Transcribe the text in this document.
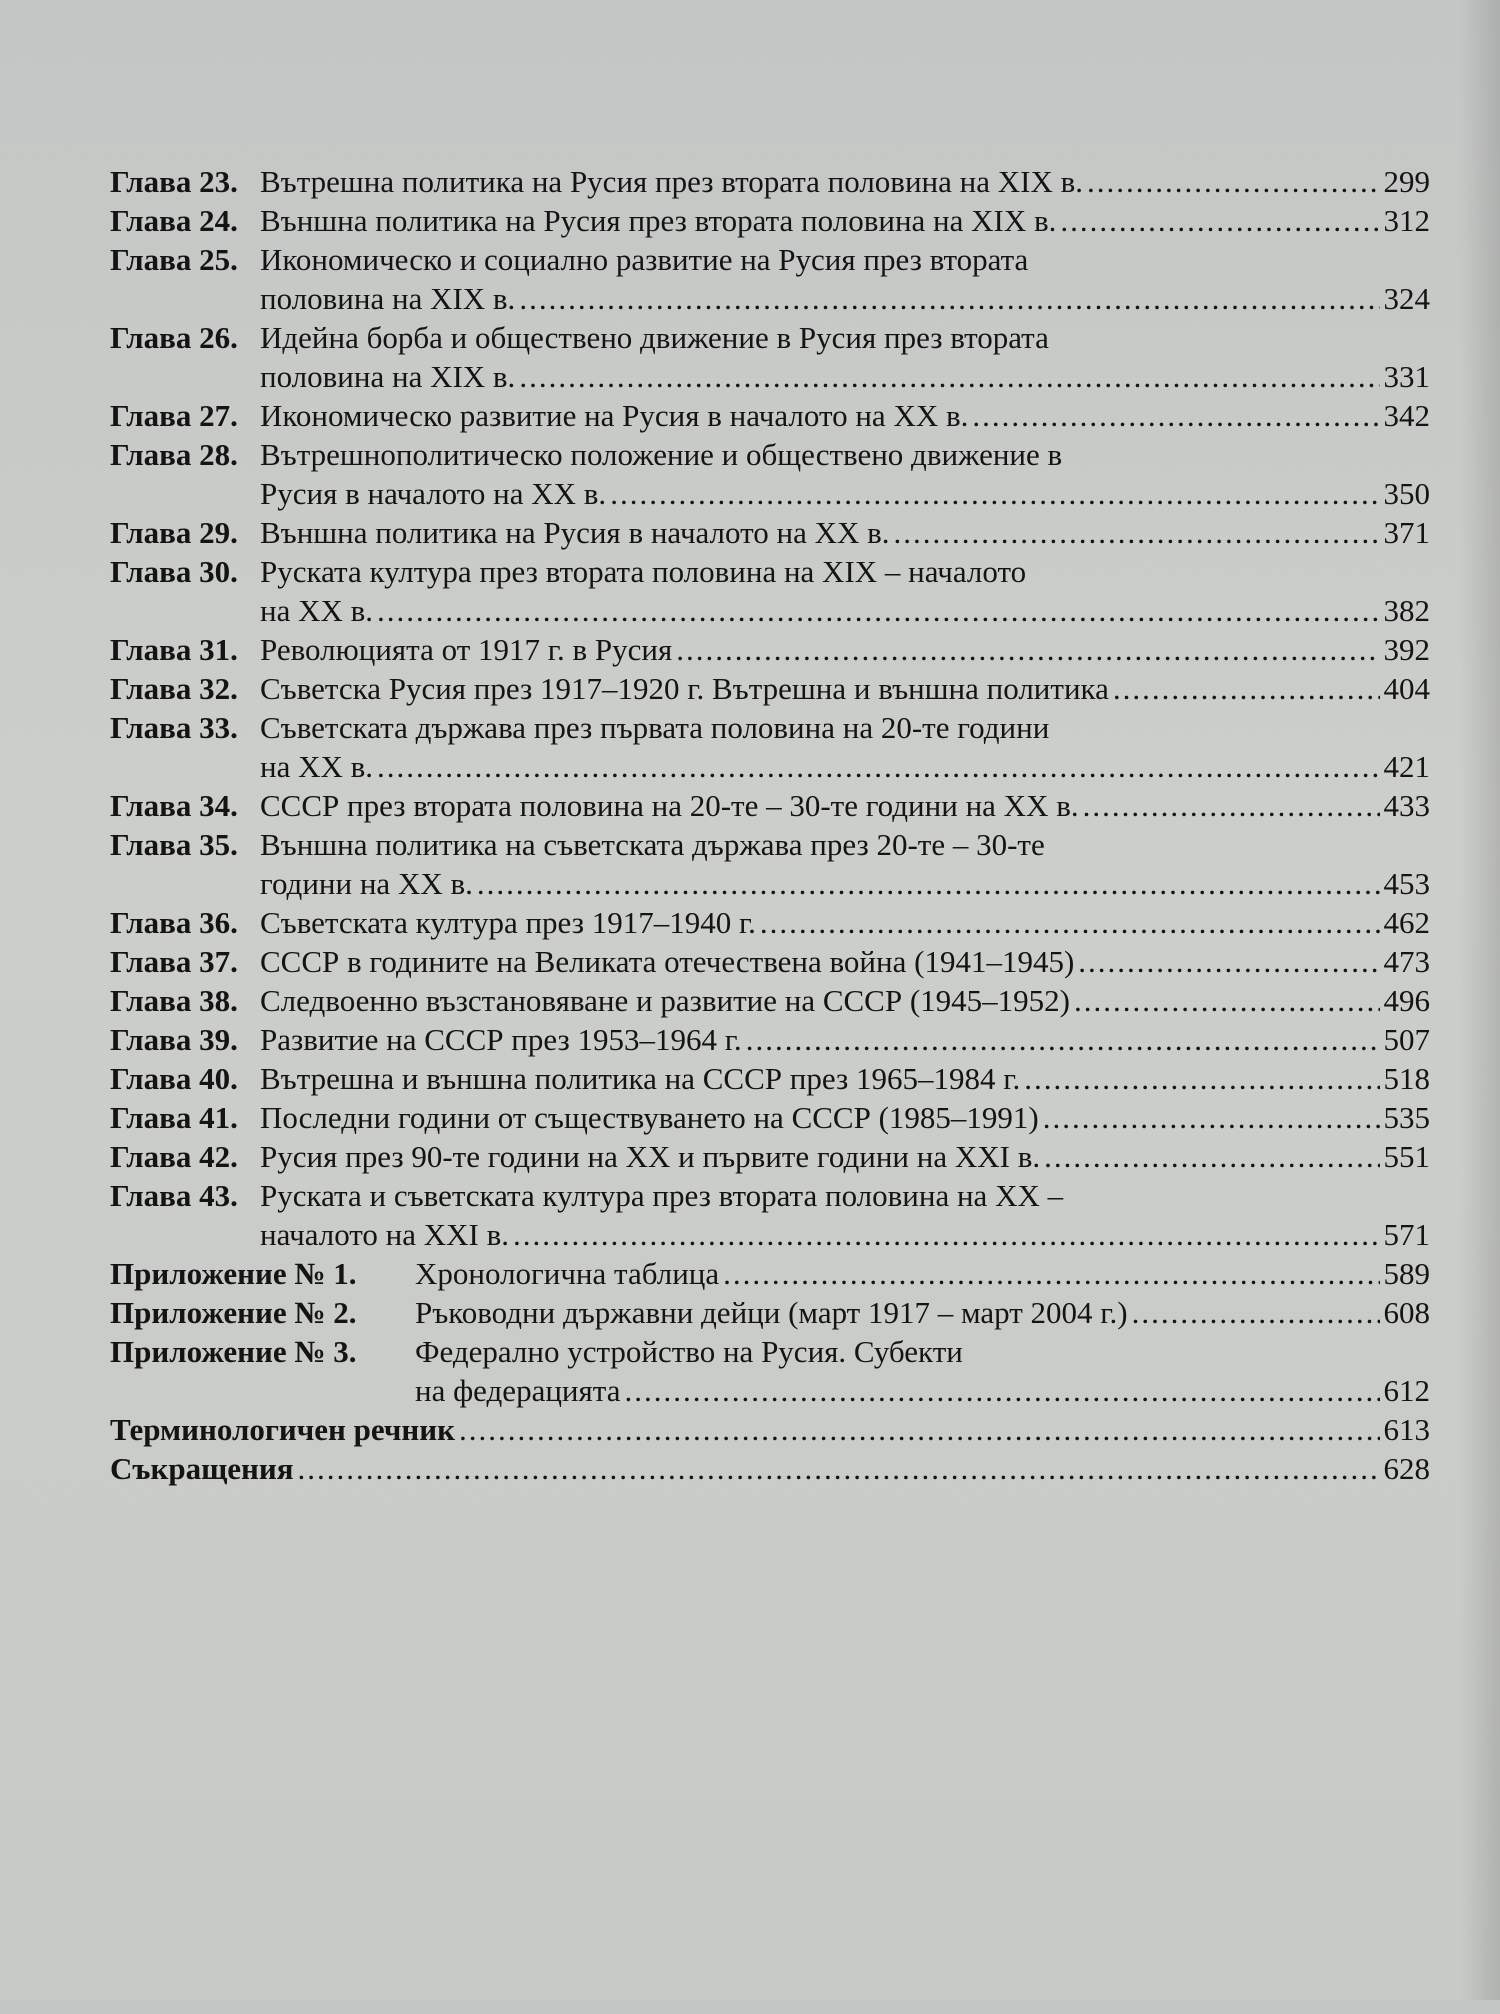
Глава 23. Вътрешна политика на Русия през втората половина на XIX в. .....	299
Глава 24. Външна политика на Русия през втората половина на XIX в. .....	312
Глава 25. Икономическо и социално развитие на Русия през втората
половина на XIX в. .....	324
Глава 26. Идейна борба и обществено движение в Русия през втората
половина на XIX в. .....	331
Глава 27. Икономическо развитие на Русия в началото на XX в. .....	342
Глава 28. Вътрешнополитическо положение и обществено движение в
Русия в началото на XX в. .....	350
Глава 29. Външна политика на Русия в началото на XX в. .....	371
Глава 30. Руската култура през втората половина на XIX – началото
на XX в. .....	382
Глава 31. Революцията от 1917 г. в Русия .....	392
Глава 32. Съветска Русия през 1917–1920 г. Вътрешна и външна политика .....	404
Глава 33. Съветската държава през първата половина на 20-те години
на XX в. .....	421
Глава 34. СССР през втората половина на 20-те – 30-те години на XX в. .....	433
Глава 35. Външна политика на съветската държава през 20-те – 30-те
години на XX в. .....	453
Глава 36. Съветската култура през 1917–1940 г. .....	462
Глава 37. СССР в годините на Великата отечествена война (1941–1945) .....	473
Глава 38. Следвоенно възстановяване и развитие на СССР (1945–1952) .....	496
Глава 39. Развитие на СССР през 1953–1964 г. .....	507
Глава 40. Вътрешна и външна политика на СССР през 1965–1984 г. .....	518
Глава 41. Последни години от съществуването на СССР (1985–1991) .....	535
Глава 42. Русия през 90-те години на XX и първите години на XXI в. .....	551
Глава 43. Руската и съветската култура през втората половина на XX –
началото на XXI в. .....	571
Приложение № 1.	Хронологична таблица .....	589
Приложение № 2.	Ръководни държавни дейци (март 1917 – март 2004 г.) .....	608
Приложение № 3.	Федерално устройство на Русия. Субекти
на федерацията .....	612
Терминологичен речник .....	613
Съкращения .....	628
